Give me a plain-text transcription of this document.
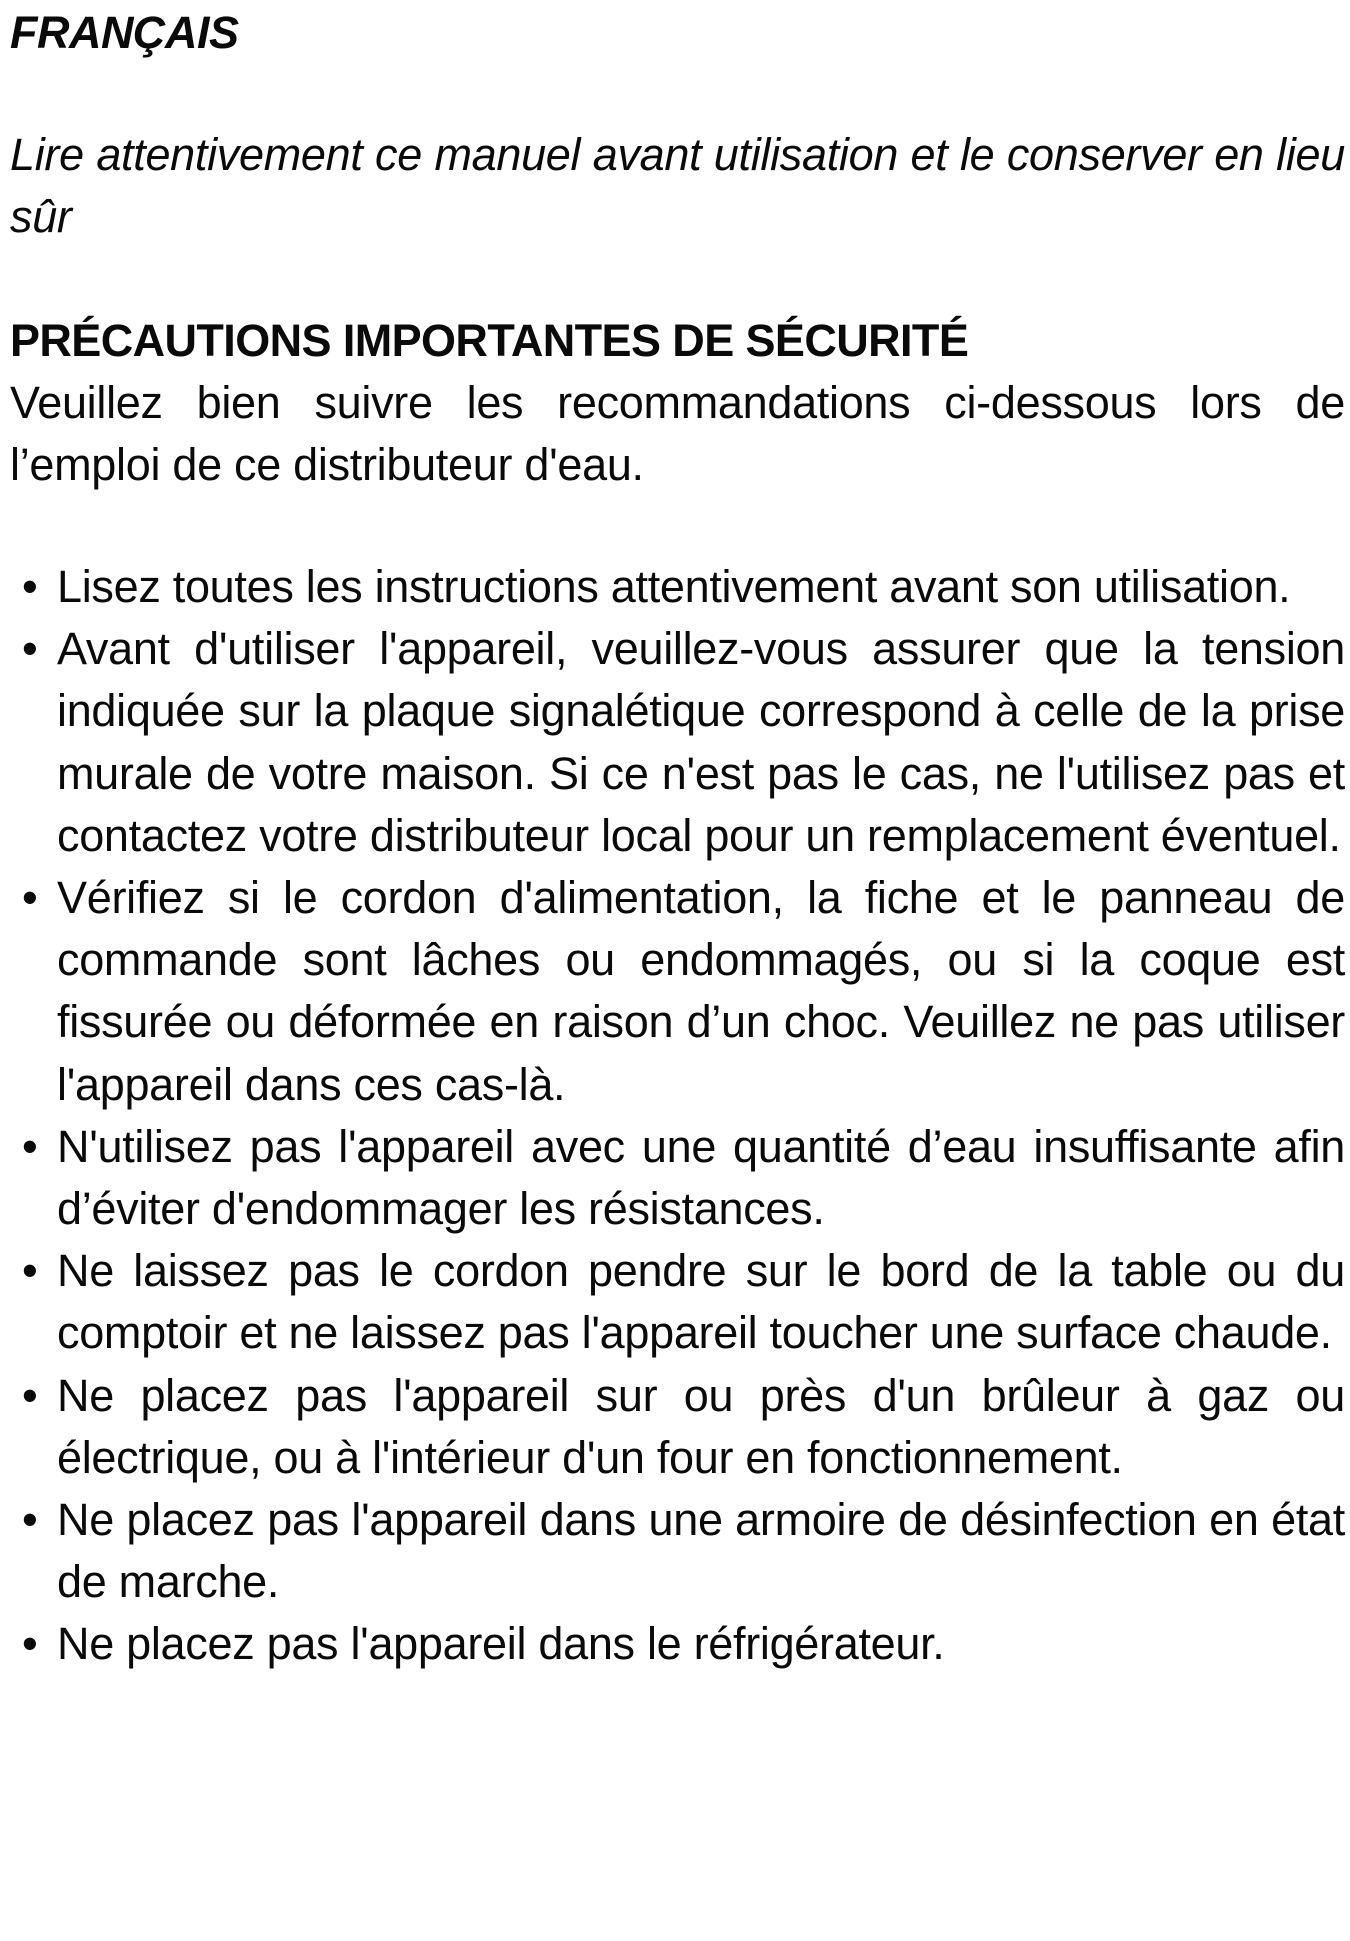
FRANÇAIS

Lire attentivement ce manuel avant utilisation et le conserver en lieu sûr

PRÉCAUTIONS IMPORTANTES DE SÉCURITÉ

Veuillez bien suivre les recommandations ci-dessous lors de l’emploi de ce distributeur d'eau.

• Lisez toutes les instructions attentivement avant son utilisation.
• Avant d'utiliser l'appareil, veuillez-vous assurer que la tension indiquée sur la plaque signalétique correspond à celle de la prise murale de votre maison. Si ce n'est pas le cas, ne l'utilisez pas et contactez votre distributeur local pour un remplacement éventuel.
• Vérifiez si le cordon d'alimentation, la fiche et le panneau de commande sont lâches ou endommagés, ou si la coque est fissurée ou déformée en raison d’un choc. Veuillez ne pas utiliser l'appareil dans ces cas-là.
• N'utilisez pas l'appareil avec une quantité d’eau insuffisante afin d’éviter d'endommager les résistances.
• Ne laissez pas le cordon pendre sur le bord de la table ou du comptoir et ne laissez pas l'appareil toucher une surface chaude.
• Ne placez pas l'appareil sur ou près d'un brûleur à gaz ou électrique, ou à l'intérieur d'un four en fonctionnement.
• Ne placez pas l'appareil dans une armoire de désinfection en état de marche.
• Ne placez pas l'appareil dans le réfrigérateur.
